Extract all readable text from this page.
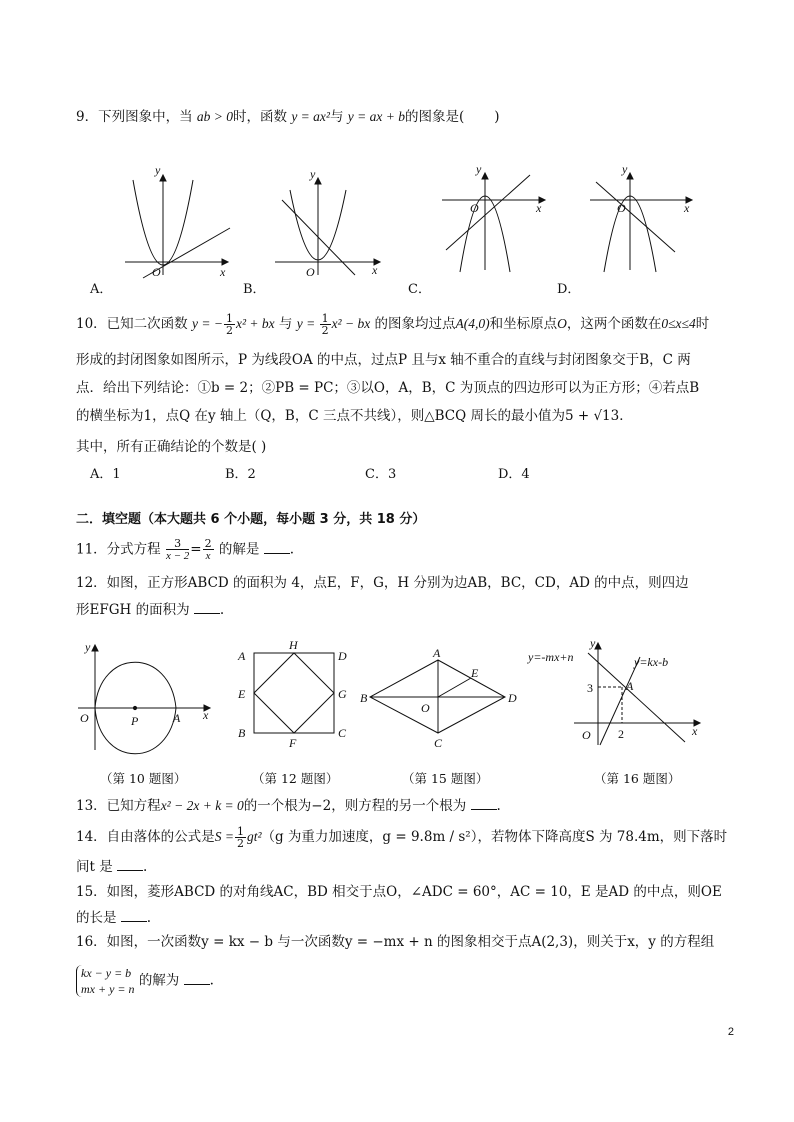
9．下列图象中，当 ab > 0时，函数 y = ax²与 y = ax + b的图象是( )
y
x
O
y
x
O
y
x
O
y
x
O
A．	B．	C．	D．
10．已知二次函数 y = − $\frac{1}{2} x^2$ + bx 与 $y = \frac{1}{2} x^2$ − bx 的图象均过点A(4,0)和坐标原点O，这两个函数在0≤x≤4时
形成的封闭图象如图所示，P 为线段OA 的中点，过点P 且与x 轴不重合的直线与封闭图象交于B，C 两
点．给出下列结论：①b = 2；②PB = PC；③以O，A，B，C 为顶点的四边形可以为正方形；④若点B
的横坐标为1，点Q 在y 轴上（Q，B，C 三点不共线），则△BCQ 周长的最小值为5 + √13．
其中，所有正确结论的个数是( )
A．1	B．2	C．3	D．4
二．填空题（本大题共 6 个小题，每小题 3 分，共 18 分）
11．分式方程 $\frac{3}{x - 2}= \frac{2}{x}$ 的解是 .
12．如图，正方形ABCD 的面积为 4，点E，F，G，H 分别为边AB，BC，CD，AD 的中点，则四边
形EFGH 的面积为 .
y
x
O	P	A
A
B	C
D
E
F
G
H
A
B
C
D
E
O
y=-mx+n	y=kx-b
y
x
O
A
3
2
（第 10 题图）	（第 12 题图）	（第 15 题图）	（第 16 题图）
13．已知方程x² − 2x + k = 0的一个根为−2，则方程的另一个根为 .
14．自由落体的公式是$S = \frac{1}{2} gt^2(g$ 为重力加速度，g = 9.8m / s²），若物体下降高度S 为 78.4m，则下落时
间t 是 .
15．如图，菱形ABCD 的对角线AC，BD 相交于点O，∠ADC = 60°，AC = 10，E 是AD 的中点，则OE
的长是 .
16．如图，一次函数y = kx − b 与一次函数y = −mx + n 的图象相交于点A(2,3)，则关于x，y 的方程组
kx − y = b
mx + y = n 的解为 .
2
